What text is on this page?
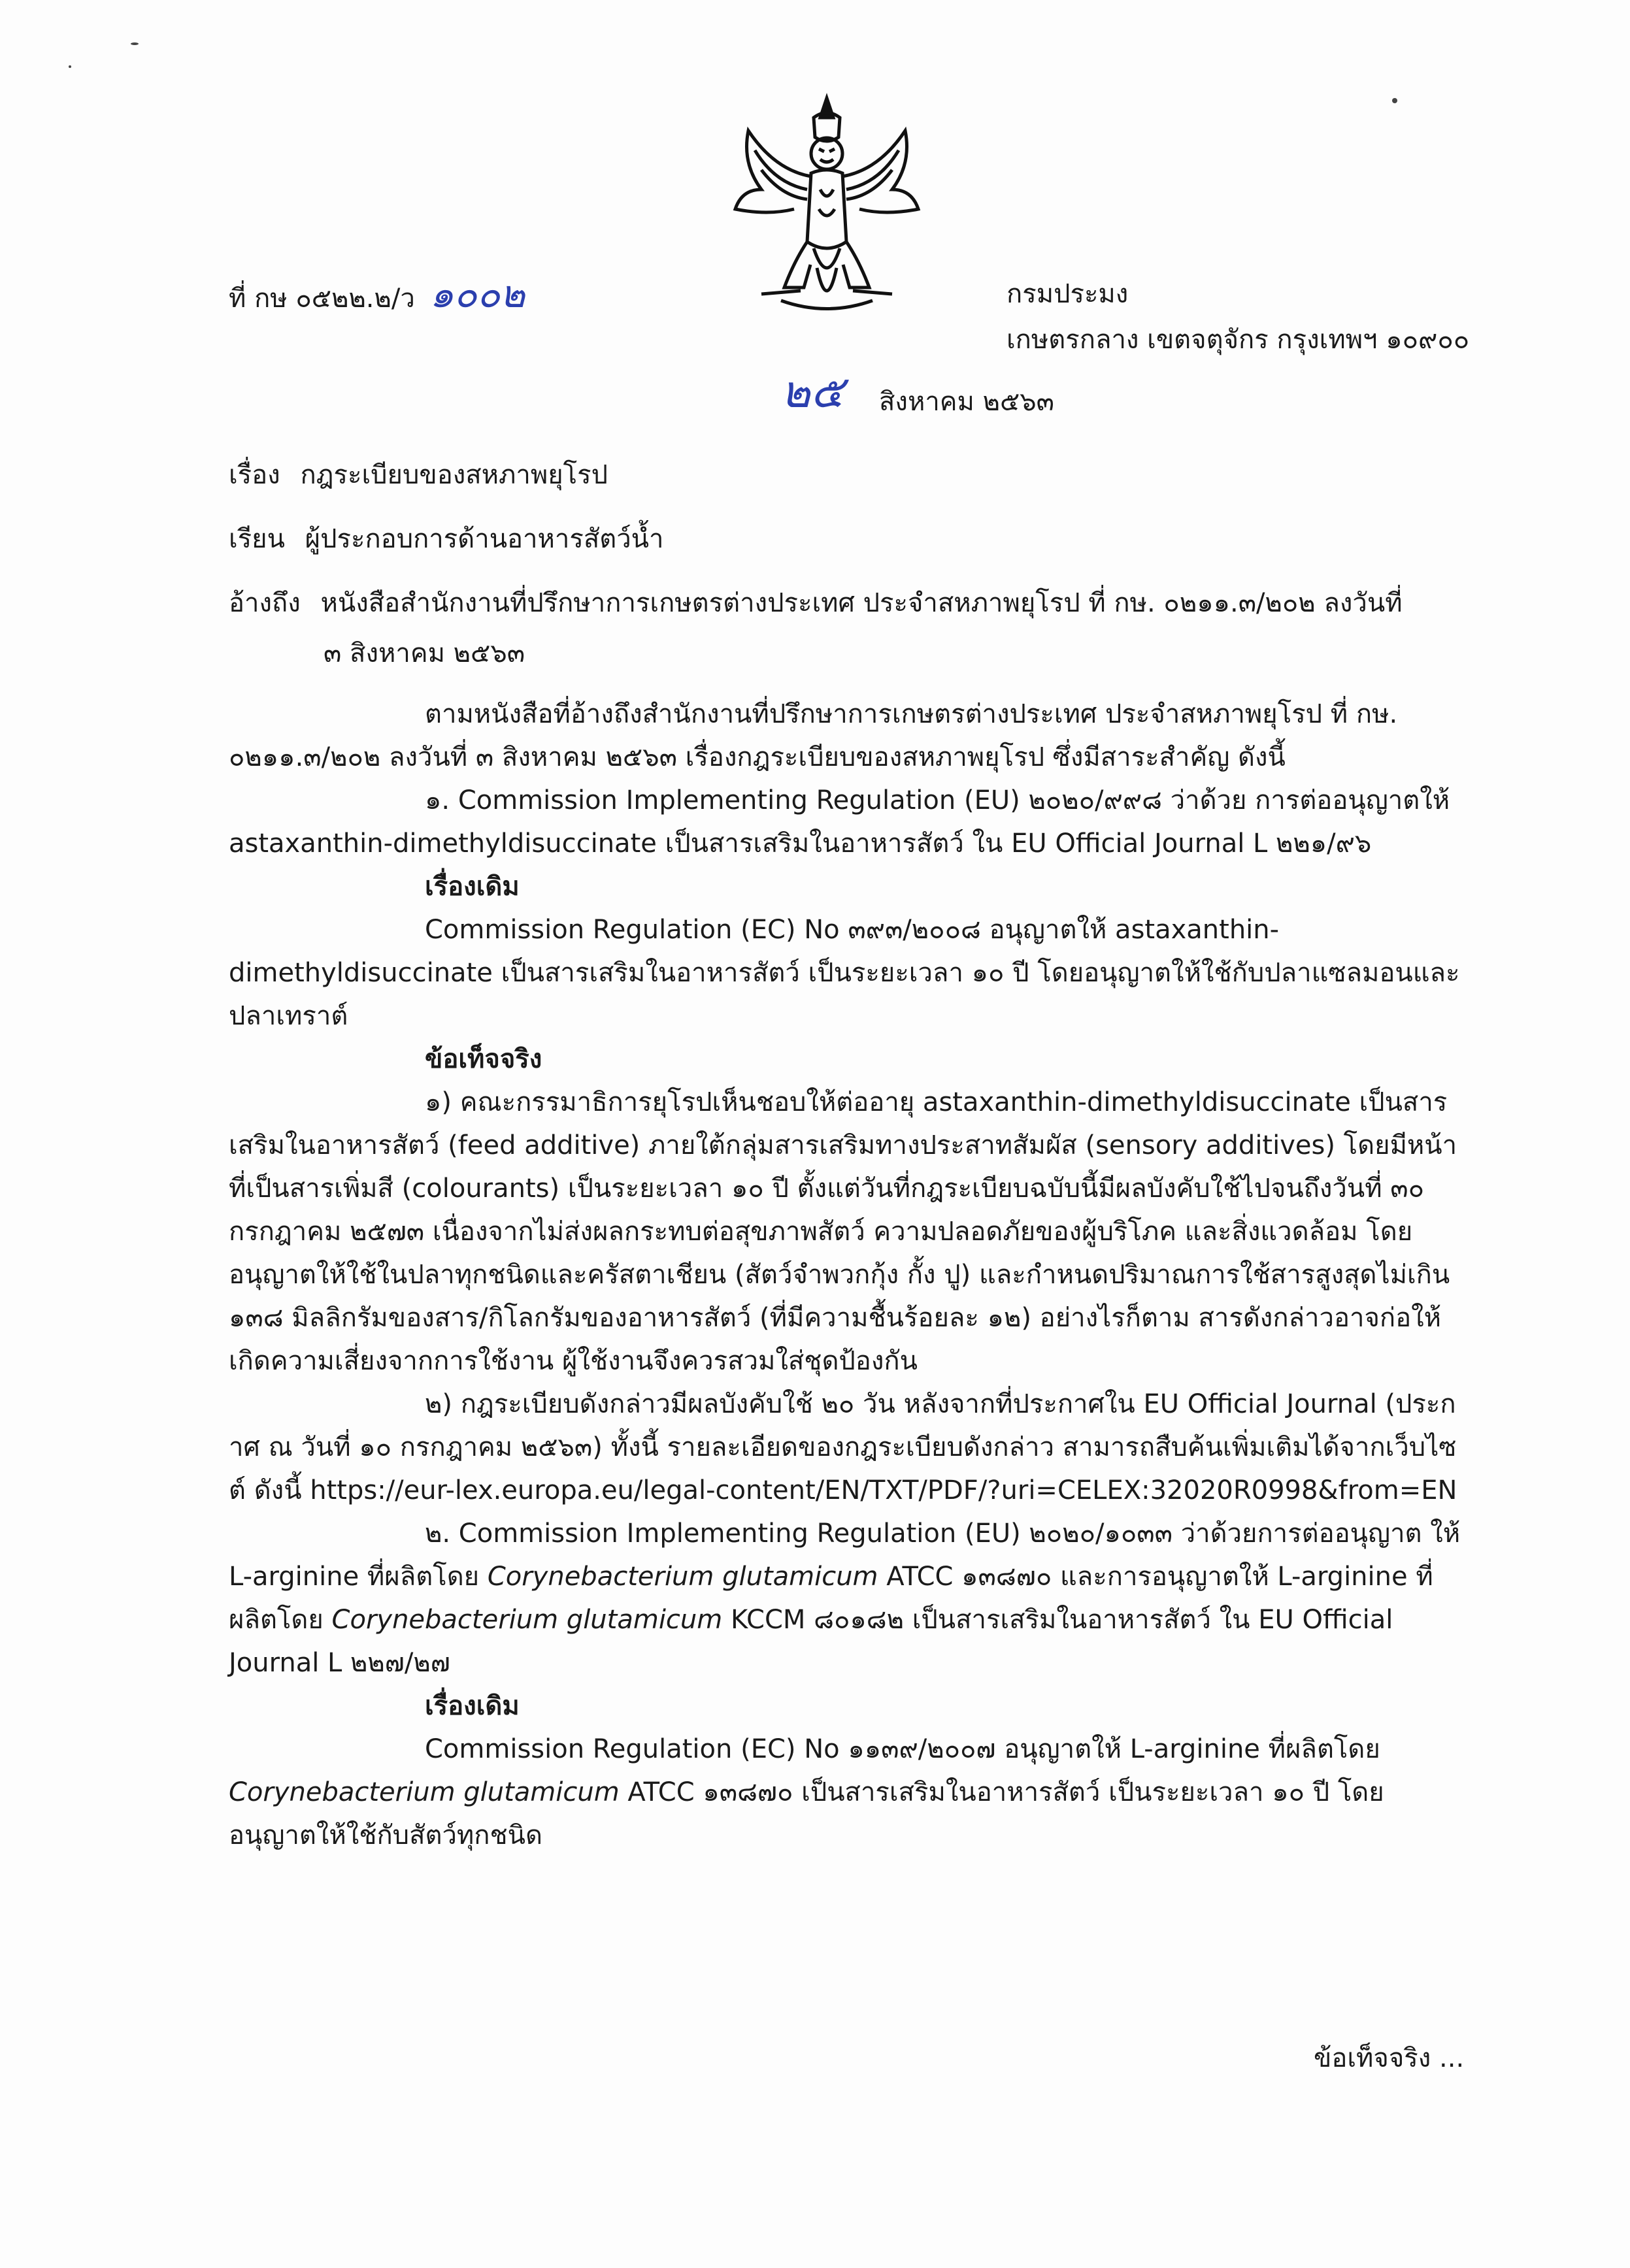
ที่ กษ ๐๕๒๒.๒/ว ๑๐๐๒	กรมประมง
เกษตรกลาง เขตจตุจักร กรุงเทพฯ ๑๐๙๐๐
๒๕ สิงหาคม ๒๕๖๓
เรื่อง กฎระเบียบของสหภาพยุโรป
เรียน ผู้ประกอบการด้านอาหารสัตว์น้ำ
อ้างถึง หนังสือสำนักงานที่ปรึกษาการเกษตรต่างประเทศ ประจำสหภาพยุโรป ที่ กษ. ๐๒๑๑.๓/๒๐๒ ลงวันที่
๓ สิงหาคม ๒๕๖๓

ตามหนังสือที่อ้างถึงสำนักงานที่ปรึกษาการเกษตรต่างประเทศ ประจำสหภาพยุโรป ที่ กษ. ๐๒๑๑.๓/๒๐๒ ลงวันที่ ๓ สิงหาคม ๒๕๖๓ เรื่องกฎระเบียบของสหภาพยุโรป ซึ่งมีสาระสำคัญ ดังนี้

๑. Commission Implementing Regulation (EU) ๒๐๒๐/๙๙๘ ว่าด้วย การต่ออนุญาตให้ astaxanthin-dimethyldisuccinate เป็นสารเสริมในอาหารสัตว์ ใน EU Official Journal L ๒๒๑/๙๖

เรื่องเดิม

Commission Regulation (EC) No ๓๙๓/๒๐๐๘ อนุญาตให้ astaxanthin-dimethyldisuccinate เป็นสารเสริมในอาหารสัตว์ เป็นระยะเวลา ๑๐ ปี โดยอนุญาตให้ใช้กับปลาแซลมอนและปลาเทราต์

ข้อเท็จจริง

๑) คณะกรรมาธิการยุโรปเห็นชอบให้ต่ออายุ astaxanthin-dimethyldisuccinate เป็นสารเสริมในอาหารสัตว์ (feed additive) ภายใต้กลุ่มสารเสริมทางประสาทสัมผัส (sensory additives) โดยมีหน้าที่เป็นสารเพิ่มสี (colourants) เป็นระยะเวลา ๑๐ ปี ตั้งแต่วันที่กฎระเบียบฉบับนี้มีผลบังคับใช้ไปจนถึงวันที่ ๓๐ กรกฎาคม ๒๕๗๓ เนื่องจากไม่ส่งผลกระทบต่อสุขภาพสัตว์ ความปลอดภัยของผู้บริโภค และสิ่งแวดล้อม โดยอนุญาตให้ใช้ในปลาทุกชนิดและครัสตาเชียน (สัตว์จำพวกกุ้ง กั้ง ปู) และกำหนดปริมาณการใช้สารสูงสุดไม่เกิน ๑๓๘ มิลลิกรัมของสาร/กิโลกรัมของอาหารสัตว์ (ที่มีความชื้นร้อยละ ๑๒) อย่างไรก็ตาม สารดังกล่าวอาจก่อให้เกิดความเสี่ยงจากการใช้งาน ผู้ใช้งานจึงควรสวมใส่ชุดป้องกัน

๒) กฎระเบียบดังกล่าวมีผลบังคับใช้ ๒๐ วัน หลังจากที่ประกาศใน EU Official Journal (ประกาศ ณ วันที่ ๑๐ กรกฎาคม ๒๕๖๓) ทั้งนี้ รายละเอียดของกฎระเบียบดังกล่าว สามารถสืบค้นเพิ่มเติมได้จากเว็บไซต์ ดังนี้ https://eur-lex.europa.eu/legal-content/EN/TXT/PDF/?uri=CELEX:32020R0998&from=EN

๒. Commission Implementing Regulation (EU) ๒๐๒๐/๑๐๓๓ ว่าด้วยการต่ออนุญาต ให้ L-arginine ที่ผลิตโดย Corynebacterium glutamicum ATCC ๑๓๘๗๐ และการอนุญาตให้ L-arginine ที่ผลิตโดย Corynebacterium glutamicum KCCM ๘๐๑๘๒ เป็นสารเสริมในอาหารสัตว์ ใน EU Official Journal L ๒๒๗/๒๗

เรื่องเดิม

Commission Regulation (EC) No ๑๑๓๙/๒๐๐๗ อนุญาตให้ L-arginine ที่ผลิตโดย Corynebacterium glutamicum ATCC ๑๓๘๗๐ เป็นสารเสริมในอาหารสัตว์ เป็นระยะเวลา ๑๐ ปี โดยอนุญาตให้ใช้กับสัตว์ทุกชนิด

ข้อเท็จจริง ...
